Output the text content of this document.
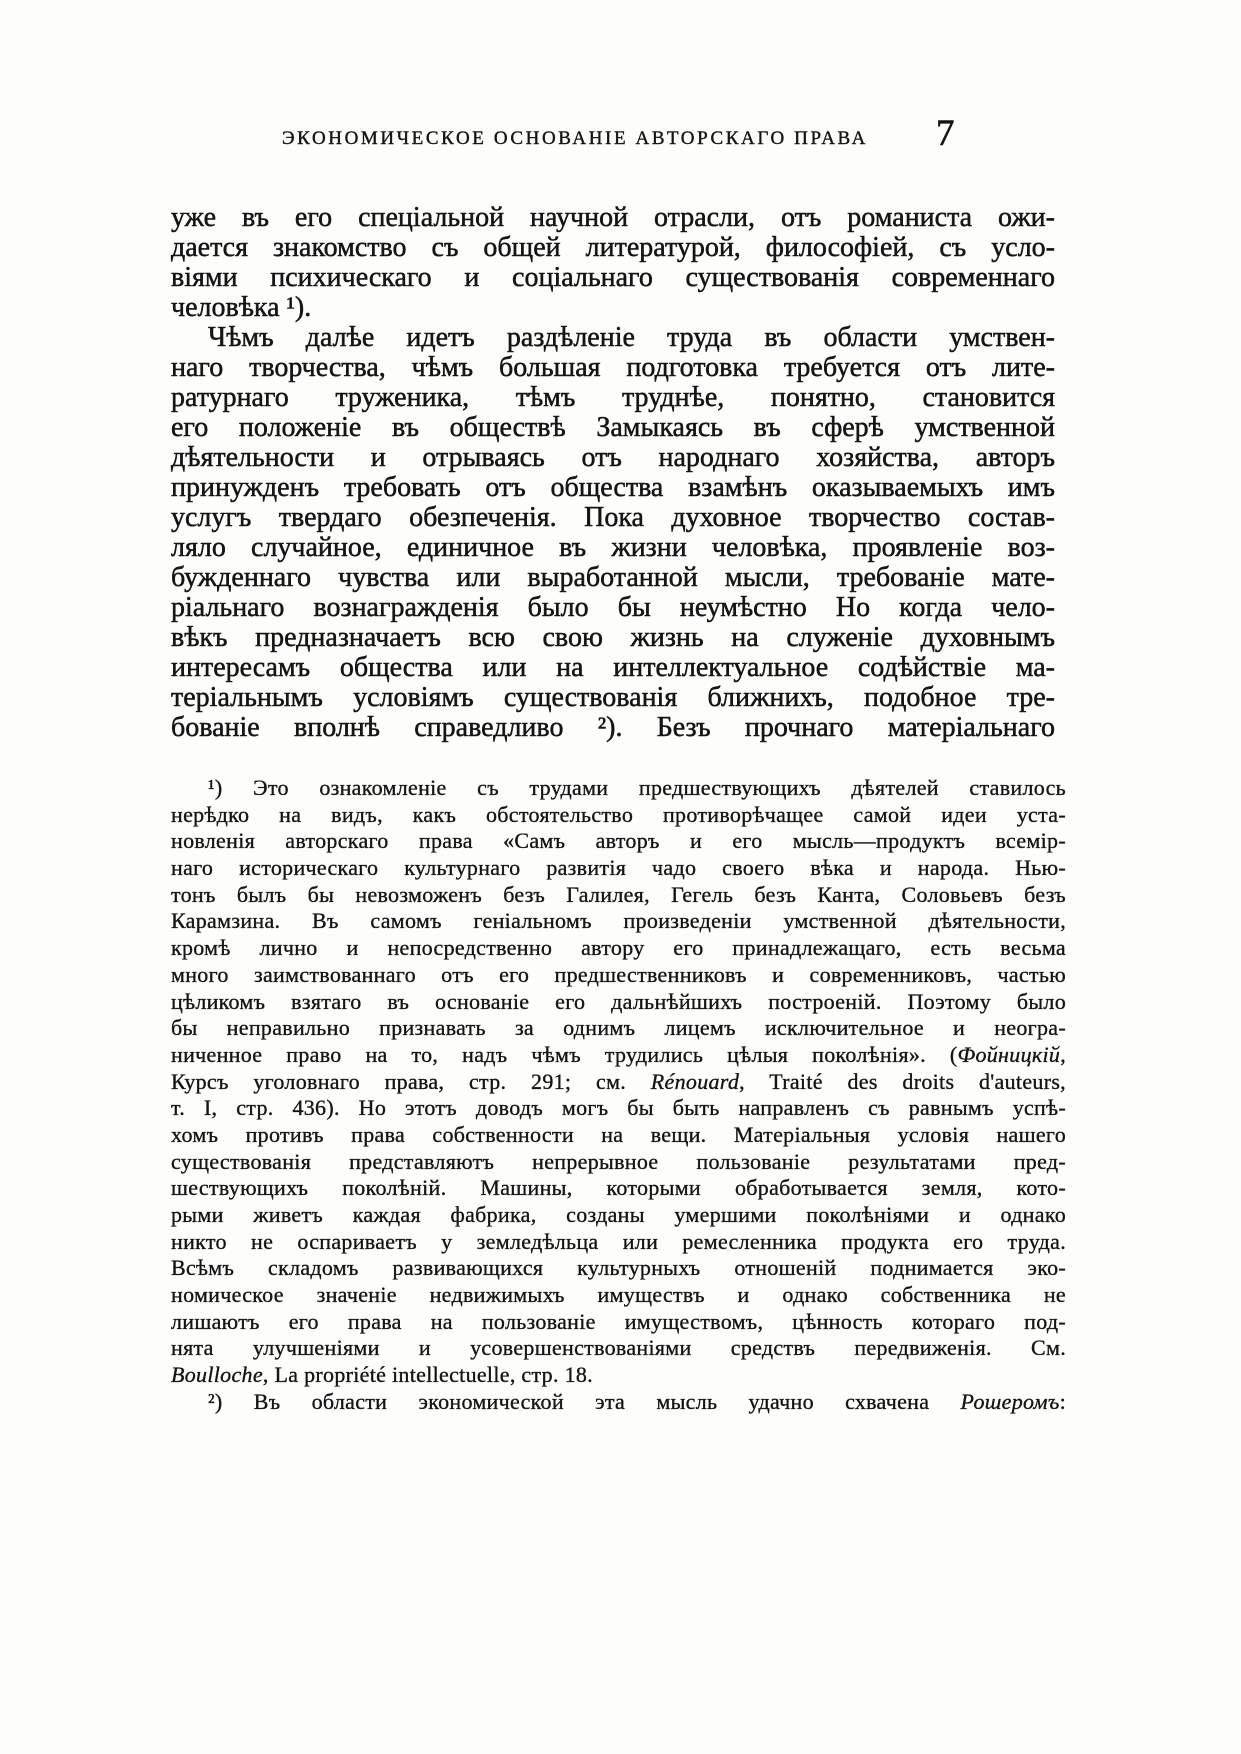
ЭКОНОМИЧЕСКОЕ ОСНОВАНІЕ АВТОРСКАГО ПРАВА 7
уже въ его спеціальной научной отрасли, отъ романиста ожи-
дается знакомство съ общей литературой, философіей, съ усло-
віями психическаго и соціальнаго существованія современнаго
человѣка ¹).
Чѣмъ далѣе идетъ раздѣленіе труда въ области умствен-
наго творчества, чѣмъ большая подготовка требуется отъ лите-
ратурнаго труженика, тѣмъ труднѣе, понятно, становится
его положеніе въ обществѣ Замыкаясь въ сферѣ умственной
дѣятельности и отрываясь отъ народнаго хозяйства, авторъ
принужденъ требовать отъ общества взамѣнъ оказываемыхъ имъ
услугъ твердаго обезпеченія. Пока духовное творчество состав-
ляло случайное, единичное въ жизни человѣка, проявленіе воз-
бужденнаго чувства или выработанной мысли, требованіе мате-
ріальнаго вознагражденія было бы неумѣстно Но когда чело-
вѣкъ предназначаетъ всю свою жизнь на служеніе духовнымъ
интересамъ общества или на интеллектуальное содѣйствіе ма-
теріальнымъ условіямъ существованія ближнихъ, подобное тре-
бованіе вполнѣ справедливо ²). Безъ прочнаго матеріальнаго
¹) Это ознакомленіе съ трудами предшествующихъ дѣятелей ставилось
нерѣдко на видъ, какъ обстоятельство противорѣчащее самой идеи уста-
новленія авторскаго права «Самъ авторъ и его мысль—продуктъ всемір-
наго историческаго культурнаго развитія чадо своего вѣка и народа. Нью-
тонъ былъ бы невозможенъ безъ Галилея, Гегель безъ Канта, Соловьевъ безъ
Карамзина. Въ самомъ геніальномъ произведеніи умственной дѣятельности,
кромѣ лично и непосредственно автору его принадлежащаго, есть весьма
много заимствованнаго отъ его предшественниковъ и современниковъ, частью
цѣликомъ взятаго въ основаніе его дальнѣйшихъ построеній. Поэтому было
бы неправильно признавать за однимъ лицемъ исключительное и неогра-
ниченное право на то, надъ чѣмъ трудились цѣлыя поколѣнія». (Фойницкій,
Курсъ уголовнаго права, стр. 291; см. Rénouard, Traité des droits d'auteurs,
т. I, стр. 436). Но этотъ доводъ могъ бы быть направленъ съ равнымъ успѣ-
хомъ противъ права собственности на вещи. Матеріальныя условія нашего
существованія представляютъ непрерывное пользованіе результатами пред-
шествующихъ поколѣній. Машины, которыми обработывается земля, кото-
рыми живетъ каждая фабрика, созданы умершими поколѣніями и однако
никто не оспариваетъ у земледѣльца или ремесленника продукта его труда.
Всѣмъ складомъ развивающихся культурныхъ отношеній поднимается эко-
номическое значеніе недвижимыхъ имуществъ и однако собственника не
лишаютъ его права на пользованіе имуществомъ, цѣнность котораго под-
нята улучшеніями и усовершенствованіями средствъ передвиженія. См.
Boulloche, La propriété intellectuelle, стр. 18.
²) Въ области экономической эта мысль удачно схвачена Рошеромъ:
